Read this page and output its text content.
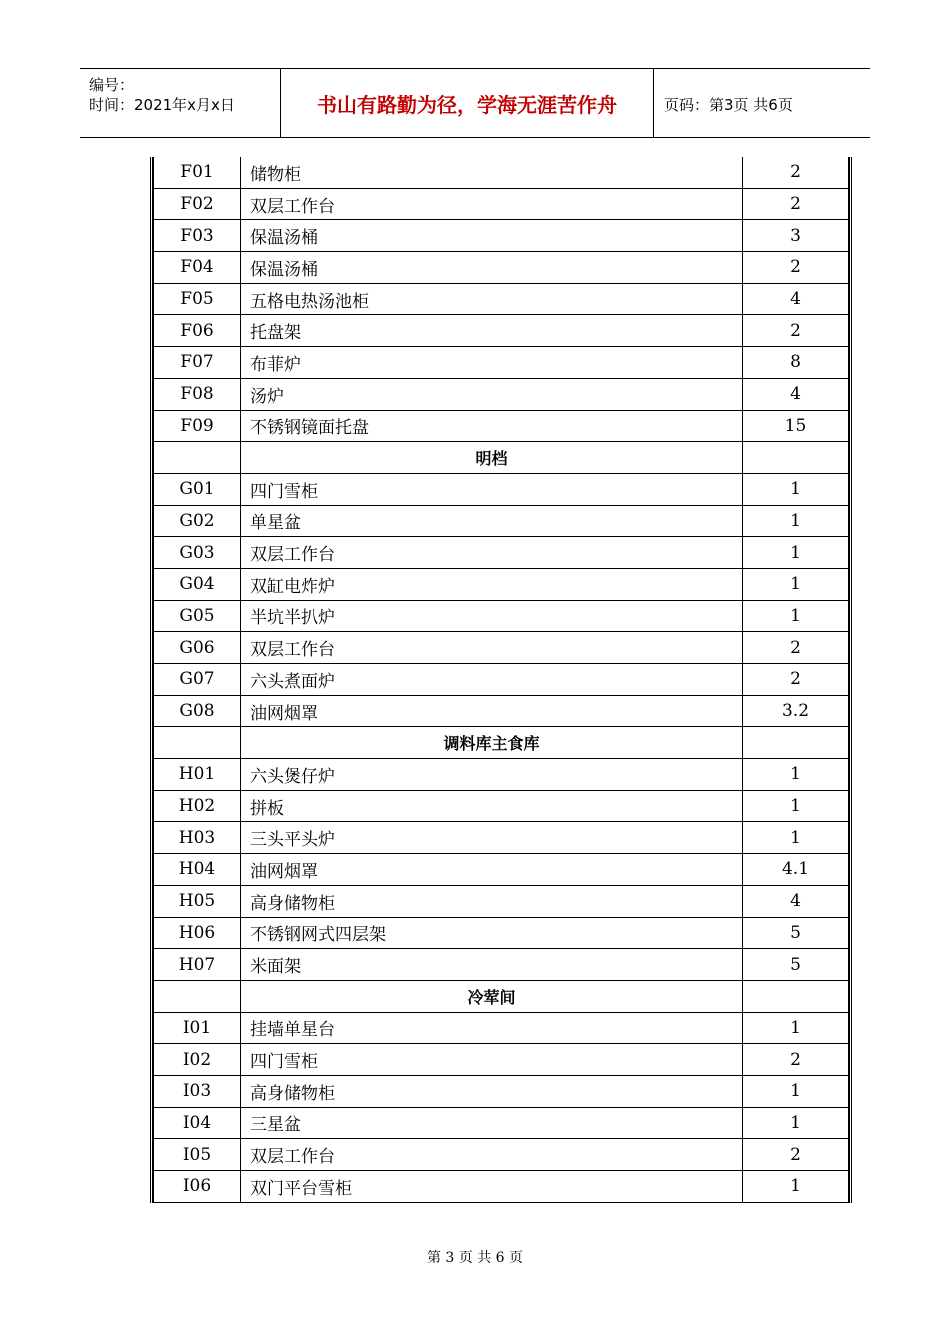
编号：
时间：2021年x月x日	书山有路勤为径，学海无涯苦作舟	页码：第3页 共6页
F01	储物柜	2
F02	双层工作台	2
F03	保温汤桶	3
F04	保温汤桶	2
F05	五格电热汤池柜	4
F06	托盘架	2
F07	布菲炉	8
F08	汤炉	4
F09	不锈钢镜面托盘	15
	明档	
G01	四门雪柜	1
G02	单星盆	1
G03	双层工作台	1
G04	双缸电炸炉	1
G05	半坑半扒炉	1
G06	双层工作台	2
G07	六头煮面炉	2
G08	油网烟罩	3.2
	调料库主食库	
H01	六头煲仔炉	1
H02	拼板	1
H03	三头平头炉	1
H04	油网烟罩	4.1
H05	高身储物柜	4
H06	不锈钢网式四层架	5
H07	米面架	5
	冷荤间	
I01	挂墙单星台	1
I02	四门雪柜	2
I03	高身储物柜	1
I04	三星盆	1
I05	双层工作台	2
I06	双门平台雪柜	1
第 3 页 共 6 页
